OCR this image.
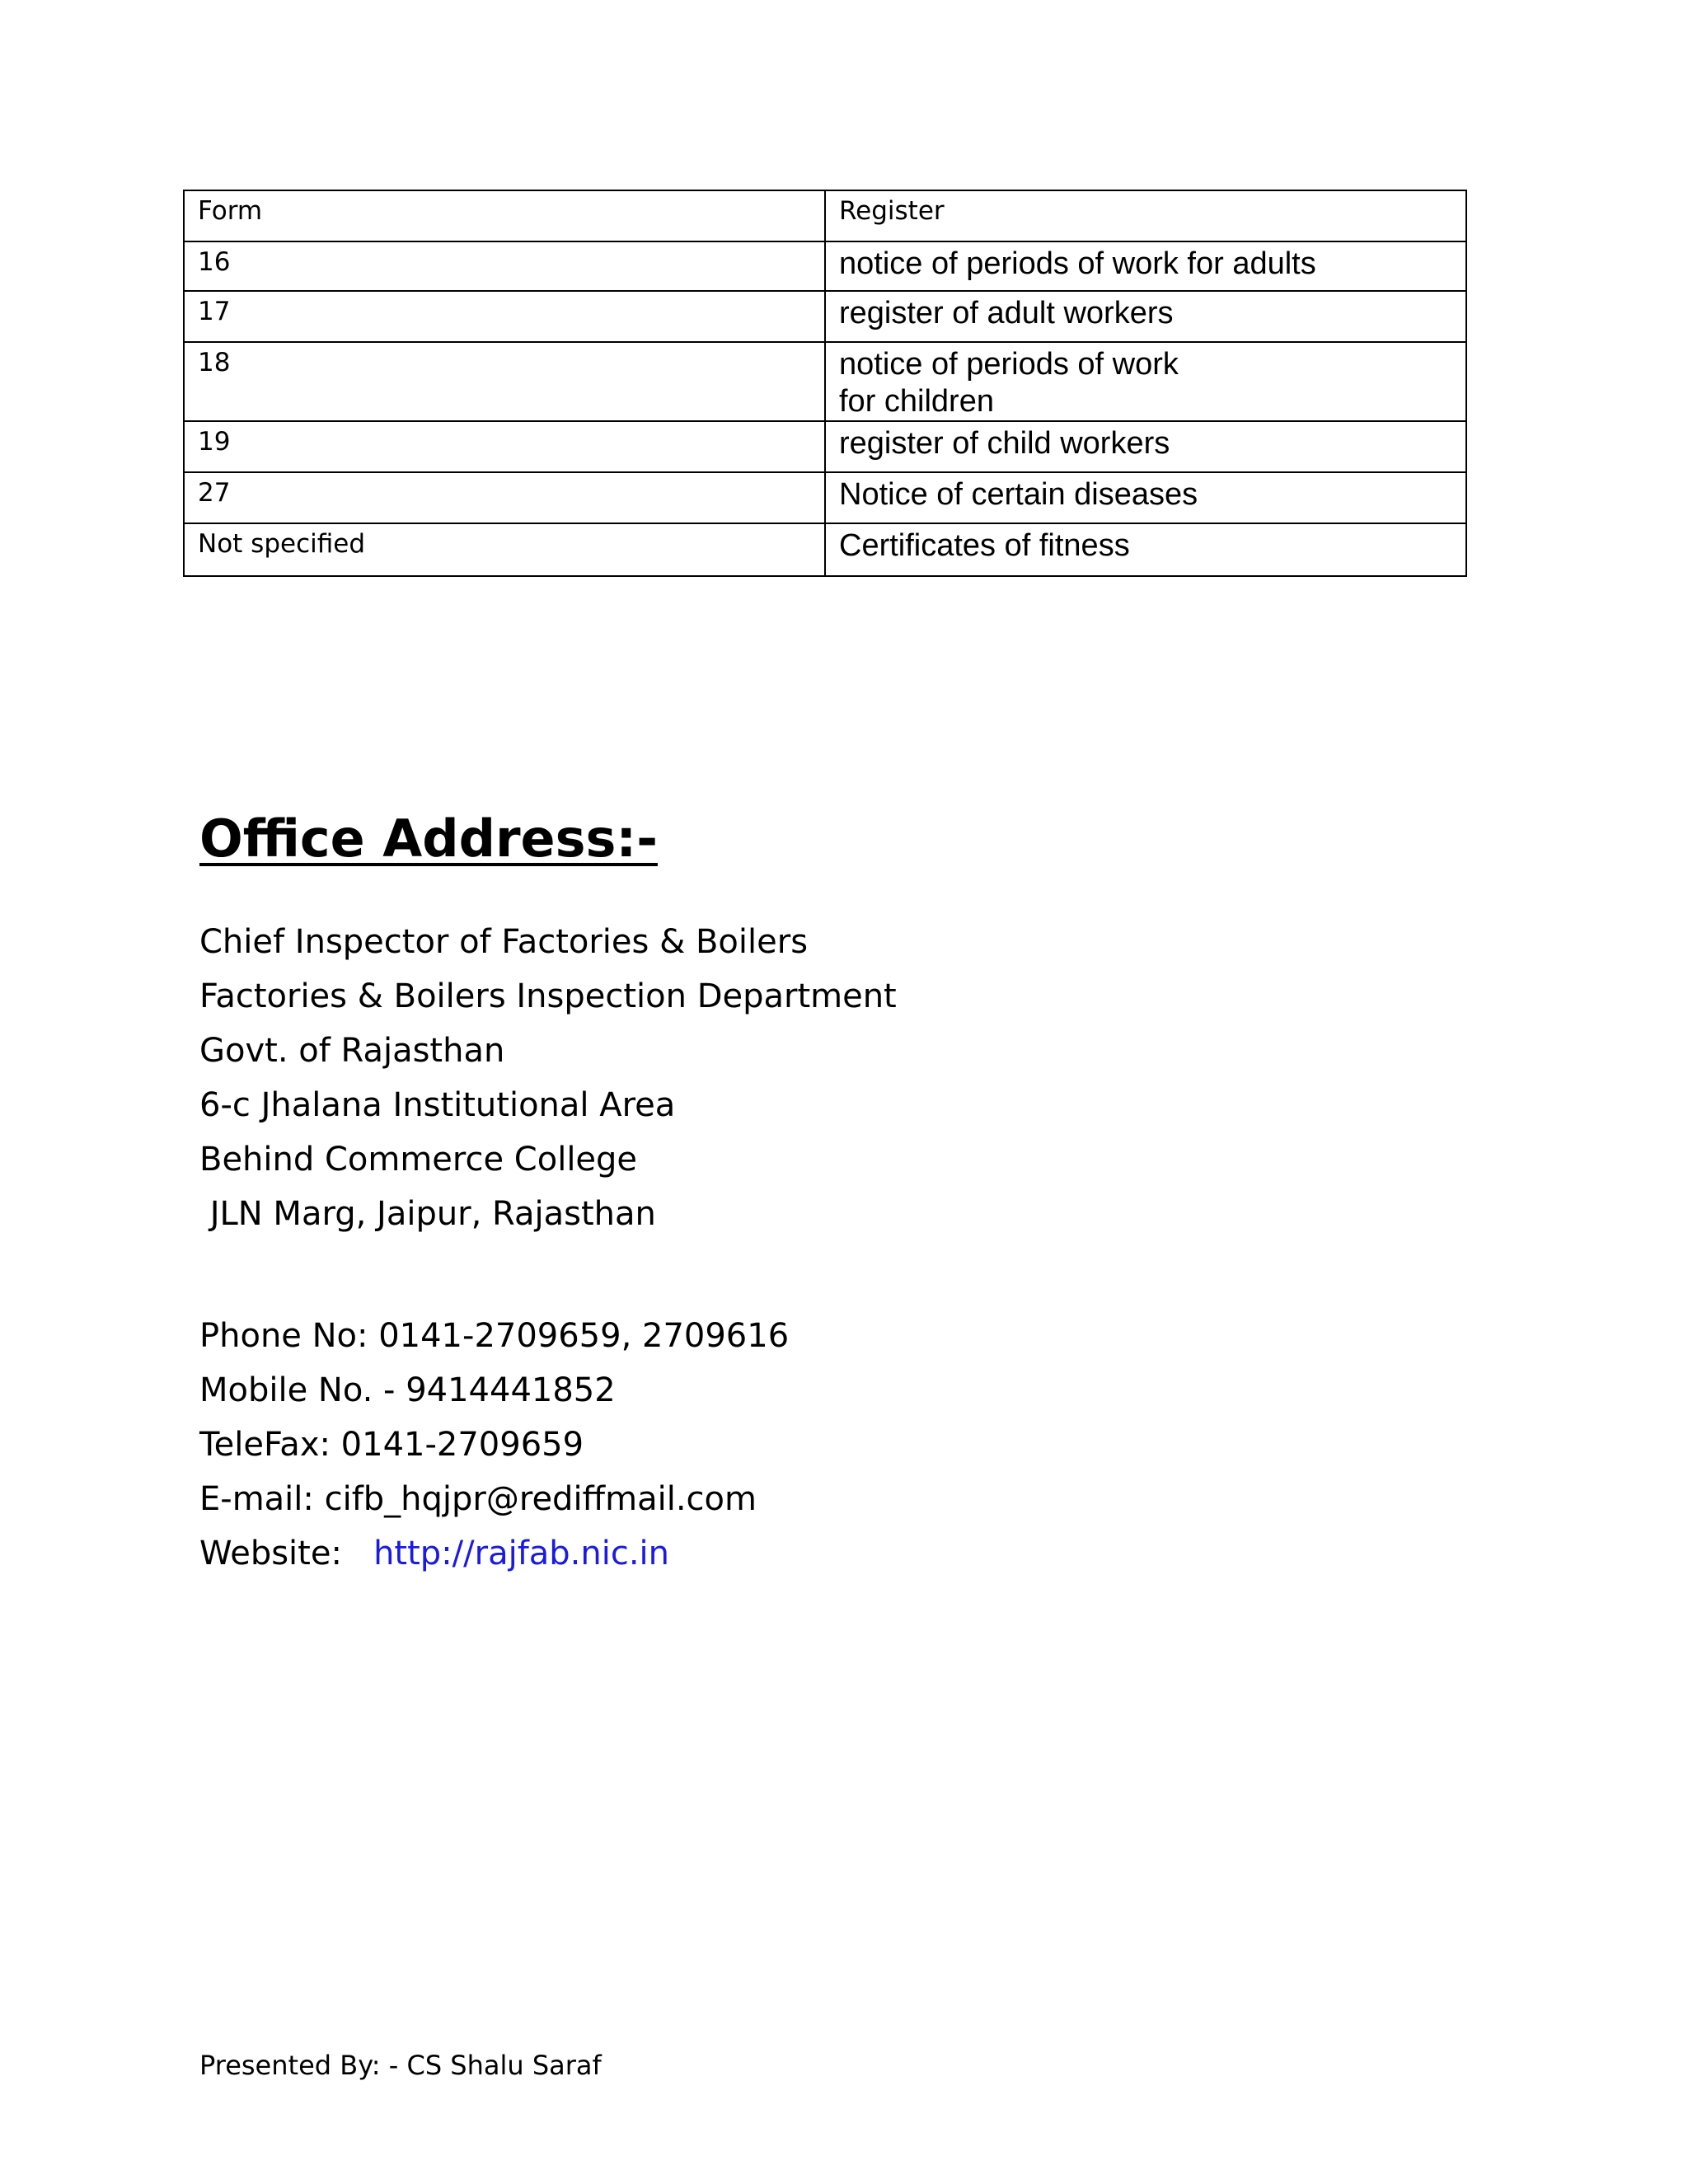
Form	Register
16	notice of periods of work for adults
17	register of adult workers
18	notice of periods of work
for children
19	register of child workers
27	Notice of certain diseases
Not specified	Certificates of fitness
Office Address:-
Chief Inspector of Factories & Boilers
Factories & Boilers Inspection Department
Govt. of Rajasthan
6-c Jhalana Institutional Area
Behind Commerce College
JLN Marg, Jaipur, Rajasthan
Phone No: 0141-2709659, 2709616
Mobile No. - 9414441852
TeleFax: 0141-2709659
E-mail: cifb_hqjpr@rediffmail.com
Website:   http://rajfab.nic.in
Presented By: - CS Shalu Saraf
